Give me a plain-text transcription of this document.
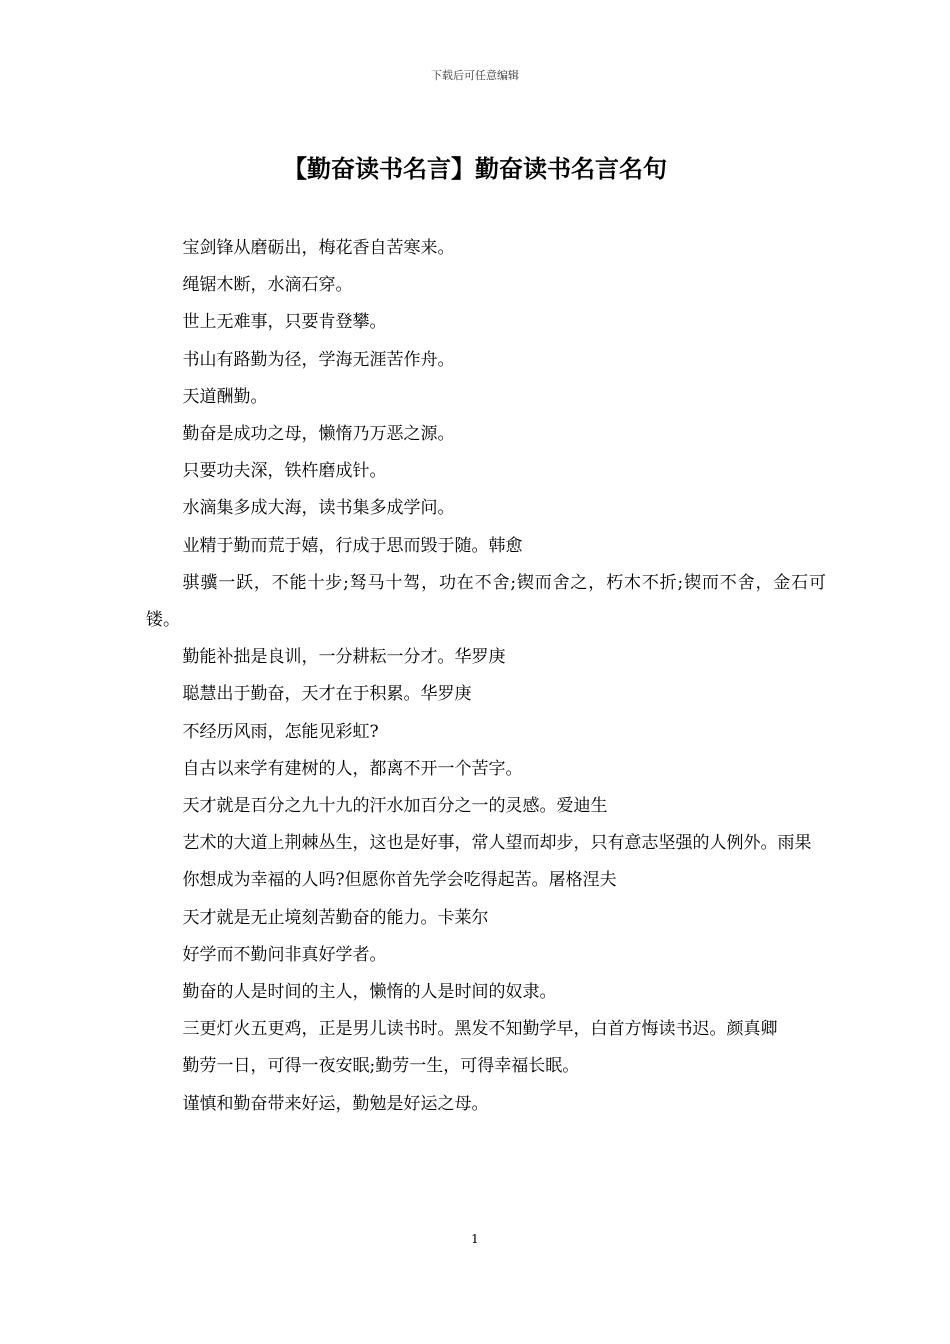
下载后可任意编辑
【勤奋读书名言】勤奋读书名言名句

宝剑锋从磨砺出，梅花香自苦寒来。

绳锯木断，水滴石穿。

世上无难事，只要肯登攀。

书山有路勤为径，学海无涯苦作舟。

天道酬勤。

勤奋是成功之母，懒惰乃万恶之源。

只要功夫深，铁杵磨成针。

水滴集多成大海，读书集多成学问。

业精于勤而荒于嬉，行成于思而毁于随。韩愈

骐骥一跃，不能十步;驽马十驾，功在不舍;锲而舍之，朽木不折;锲而不舍，金石可镂。

勤能补拙是良训，一分耕耘一分才。华罗庚

聪慧出于勤奋，天才在于积累。华罗庚

不经历风雨，怎能见彩虹?

自古以来学有建树的人，都离不开一个苦字。

天才就是百分之九十九的汗水加百分之一的灵感。爱迪生

艺术的大道上荆棘丛生，这也是好事，常人望而却步，只有意志坚强的人例外。雨果

你想成为幸福的人吗?但愿你首先学会吃得起苦。屠格涅夫

天才就是无止境刻苦勤奋的能力。卡莱尔

好学而不勤问非真好学者。

勤奋的人是时间的主人，懒惰的人是时间的奴隶。

三更灯火五更鸡，正是男儿读书时。黑发不知勤学早，白首方悔读书迟。颜真卿

勤劳一日，可得一夜安眠;勤劳一生，可得幸福长眠。

谨慎和勤奋带来好运，勤勉是好运之母。

1
